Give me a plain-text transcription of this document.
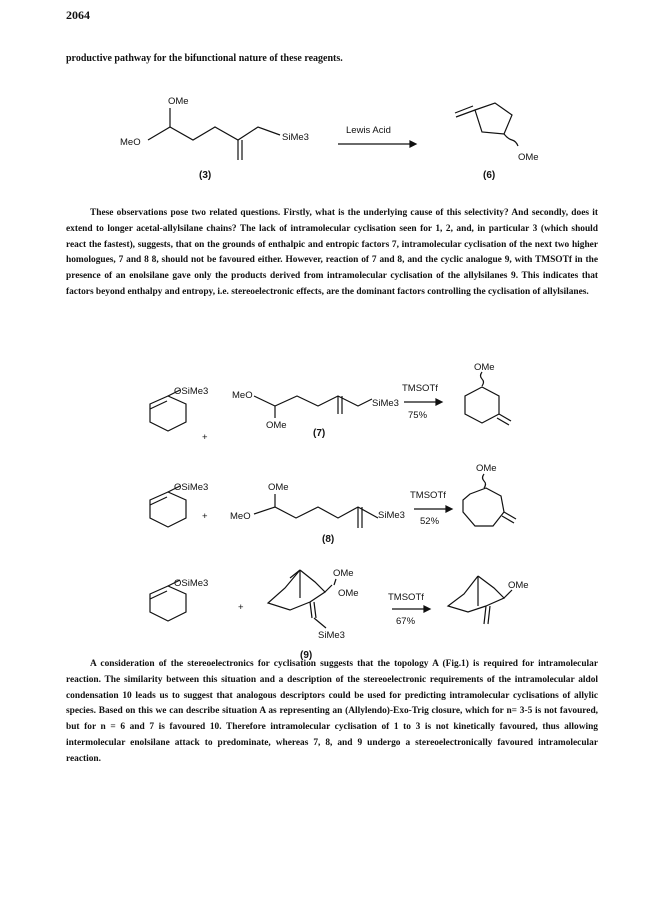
2064
productive pathway for the bifunctional nature of these reagents.
OMe
MeO	SiMe3
Lewis Acid
OMe
(3)	(6)
OSiMe3
+
MeO
OMe
SiMe3
TMSOTf
75%
(7)
OMe
OSiMe3
+
OMe
MeO	SiMe3
TMSOTf
52%
(8)
OMe
OSiMe3
+
OMe
OMe
SiMe3
TMSOTf
67%
(9)
OMe
These observations pose two related questions. Firstly, what is the underlying cause of this selectivity? And secondly, does it extend to longer acetal-allylsilane chains? The lack of intramolecular cyclisation seen for 1, 2, and, in particular 3 (which should react the fastest), suggests, that on the grounds of enthalpic and entropic factors 7, intramolecular cyclisation of the next two higher homologues, 7 and 8 8, should not be favoured either. However, reaction of 7 and 8, and the cyclic analogue 9, with TMSOTf in the presence of an enolsilane gave only the products derived from intramolecular cyclisation of the allylsilanes 9. This indicates that factors beyond enthalpy and entropy, i.e. stereoelectronic effects, are the dominant factors controlling the cyclisation of allylsilanes.
A consideration of the stereoelectronics for cyclisation suggests that the topology A (Fig.1) is required for intramolecular reaction. The similarity between this situation and a description of the stereoelectronic requirements of the intramolecular aldol condensation 10 leads us to suggest that analogous descriptors could be used for predicting intramolecular cyclisations of allylic species. Based on this we can describe situation A as representing an (Allylendo)-Exo-Trig closure, which for n= 3-5 is not favoured, but for n = 6 and 7 is favoured 10. Therefore intramolecular cyclisation of 1 to 3 is not kinetically favoured, thus allowing intermolecular enolsilane attack to predominate, whereas 7, 8, and 9 undergo a stereoelectronically favoured intramolecular reaction.
